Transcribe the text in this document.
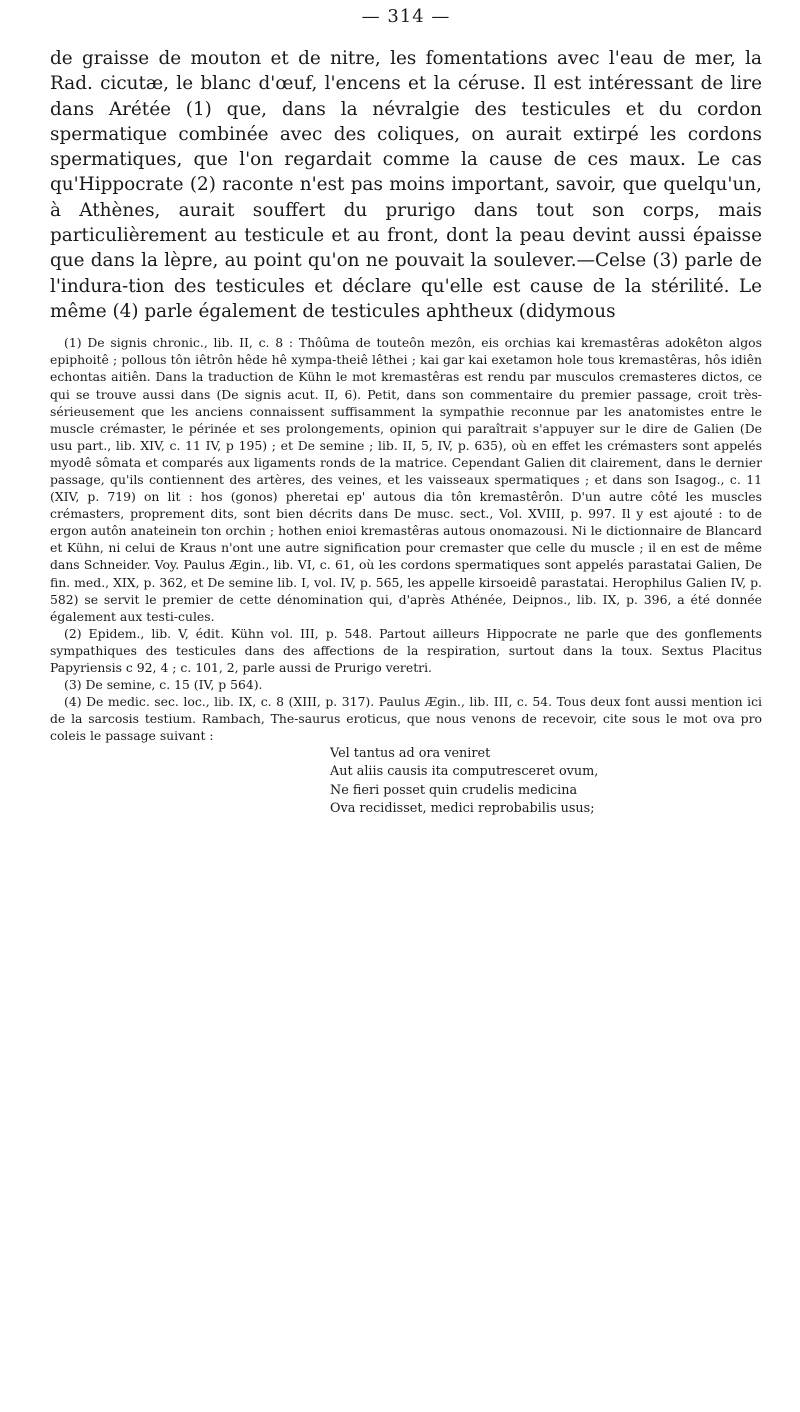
— 314 —

de graisse de mouton et de nitre, les fomentations avec l'eau de mer, la Rad. cicutæ, le blanc d'œuf, l'encens et la céruse. Il est intéressant de lire dans Arétée (1) que, dans la névralgie des testicules et du cordon spermatique combinée avec des coliques, on aurait extirpé les cordons spermatiques, que l'on regardait comme la cause de ces maux. Le cas qu'Hippocrate (2) raconte n'est pas moins important, savoir, que quelqu'un, à Athènes, aurait souffert du prurigo dans tout son corps, mais particulièrement au testicule et au front, dont la peau devint aussi épaisse que dans la lèpre, au point qu'on ne pouvait la soulever.—Celse (3) parle de l'indura-tion des testicules et déclare qu'elle est cause de la stérilité. Le même (4) parle également de testicules aphtheux (didymous

(1) De signis chronic., lib. II, c. 8 : Thôûma de touteôn mezôn, eis orchias kai kremastêras adokêton algos epiphoitê ; pollous tôn iêtrôn hêde hê xympa-theiê lêthei ; kai gar kai exetamon hole tous kremastêras, hôs idiên echontas aitiên. Dans la traduction de Kühn le mot kremastêras est rendu par musculos cremasteres dictos, ce qui se trouve aussi dans (De signis acut. II, 6). Petit, dans son commentaire du premier passage, croit très-sérieusement que les anciens connaissent suffisamment la sympathie reconnue par les anatomistes entre le muscle crémaster, le périnée et ses prolongements, opinion qui paraîtrait s'appuyer sur le dire de Galien (De usu part., lib. XIV, c. 11 IV, p 195) ; et De semine ; lib. II, 5, IV, p. 635), où en effet les crémasters sont appelés myodê sômata et comparés aux ligaments ronds de la matrice. Cependant Galien dit clairement, dans le dernier passage, qu'ils contiennent des artères, des veines, et les vaisseaux spermatiques ; et dans son Isagog., c. 11 (XIV, p. 719) on lit : hos (gonos) pheretai ep' autous dia tôn kremastêrôn. D'un autre côté les muscles crémasters, proprement dits, sont bien décrits dans De musc. sect., Vol. XVIII, p. 997. Il y est ajouté : to de ergon autôn anateinein ton orchin ; hothen enioi kremastêras autous onomazousi. Ni le dictionnaire de Blancard et Kühn, ni celui de Kraus n'ont une autre signification pour cremaster que celle du muscle ; il en est de même dans Schneider. Voy. Paulus Ægin., lib. VI, c. 61, où les cordons spermatiques sont appelés parastatai Galien, De fin. med., XIX, p. 362, et De semine lib. I, vol. IV, p. 565, les appelle kirsoeidê parastatai. Herophilus Galien IV, p. 582) se servit le premier de cette dénomination qui, d'après Athénée, Deipnos., lib. IX, p. 396, a été donnée également aux testi-cules.

(2) Epidem., lib. V, édit. Kühn vol. III, p. 548. Partout ailleurs Hippocrate ne parle que des gonflements sympathiques des testicules dans des affections de la respiration, surtout dans la toux. Sextus Placitus Papyriensis c 92, 4 ; c. 101, 2, parle aussi de Prurigo veretri.

(3) De semine, c. 15 (IV, p 564).

(4) De medic. sec. loc., lib. IX, c. 8 (XIII, p. 317). Paulus Ægin., lib. III, c. 54. Tous deux font aussi mention ici de la sarcosis testium. Rambach, The-saurus eroticus, que nous venons de recevoir, cite sous le mot ova pro coleis le passage suivant :

Vel tantus ad ora veniret

Aut aliis causis ita computresceret ovum,

Ne fieri posset quin crudelis medicina

Ova recidisset, medici reprobabilis usus;
